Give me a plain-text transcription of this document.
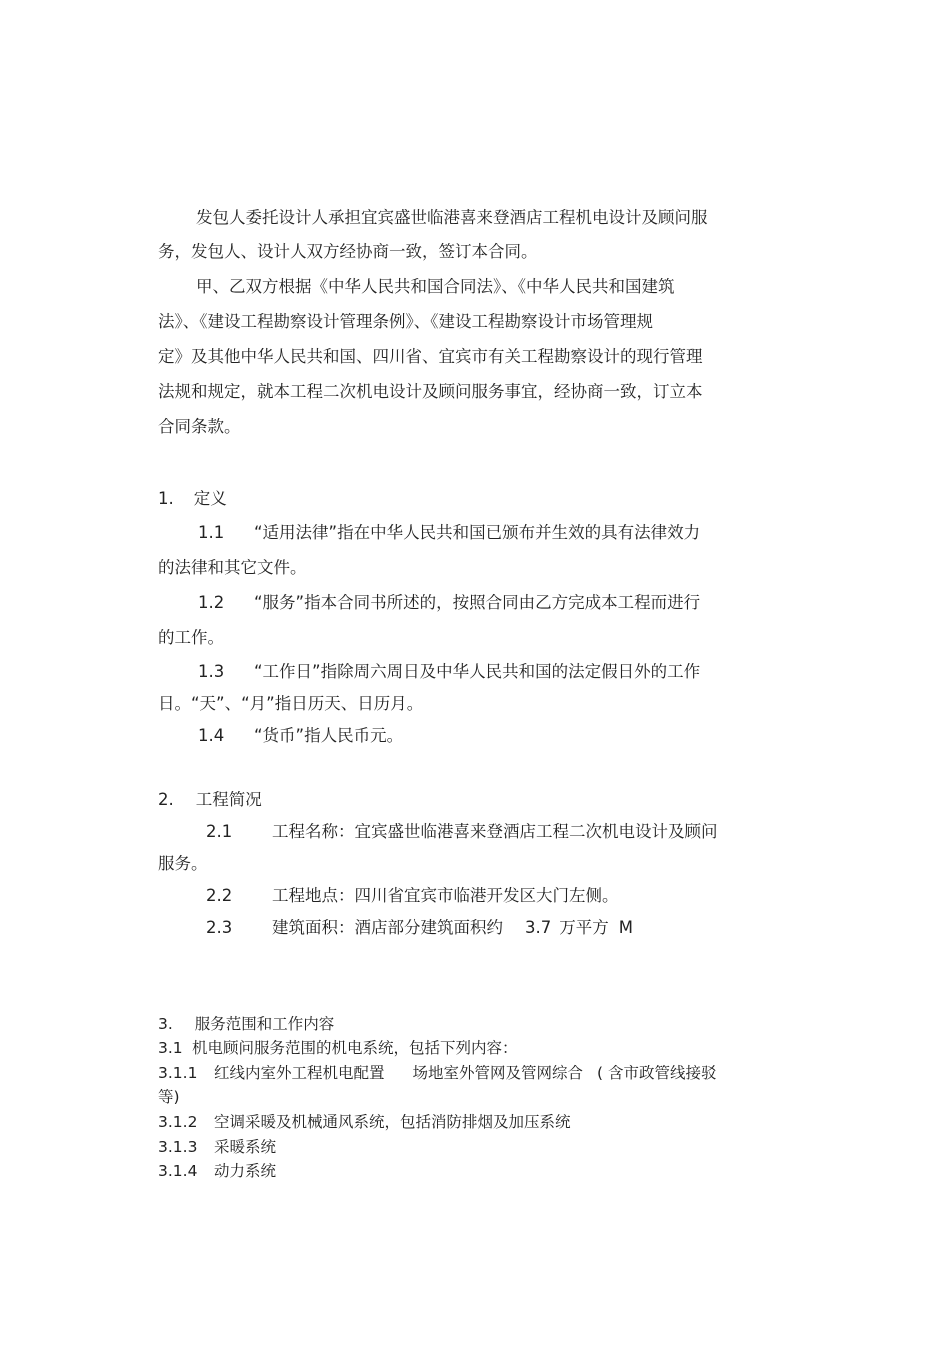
发包人委托设计人承担宜宾盛世临港喜来登酒店工程机电设计及顾问服
务，发包人、设计人双方经协商一致，签订本合同。
甲、乙双方根据《中华人民共和国合同法》、《中华人民共和国建筑
法》、《建设工程勘察设计管理条例》、《建设工程勘察设计市场管理规
定》及其他中华人民共和国、四川省、宜宾市有关工程勘察设计的现行管理
法规和规定，就本工程二次机电设计及顾问服务事宜，经协商一致，订立本
合同条款。
1. 定义
1.1 “适用法律”指在中华人民共和国已颁布并生效的具有法律效力
的法律和其它文件。
1.2 “服务”指本合同书所述的，按照合同由乙方完成本工程而进行
的工作。
1.3 “工作日”指除周六周日及中华人民共和国的法定假日外的工作
日。“天”、“月”指日历天、日历月。
1.4 “货币”指人民币元。
2. 工程简况
2.1 工程名称：宜宾盛世临港喜来登酒店工程二次机电设计及顾问
服务。
2.2 工程地点：四川省宜宾市临港开发区大门左侧。
2.3 建筑面积：酒店部分建筑面积约 3.7 万平方 M
3. 服务范围和工作内容
3.1 机电顾问服务范围的机电系统，包括下列内容：
3.1.1 红线内室外工程机电配置 场地室外管网及管网综合 ( 含市政管线接驳
等)
3.1.2 空调采暖及机械通风系统，包括消防排烟及加压系统
3.1.3 采暖系统
3.1.4 动力系统
